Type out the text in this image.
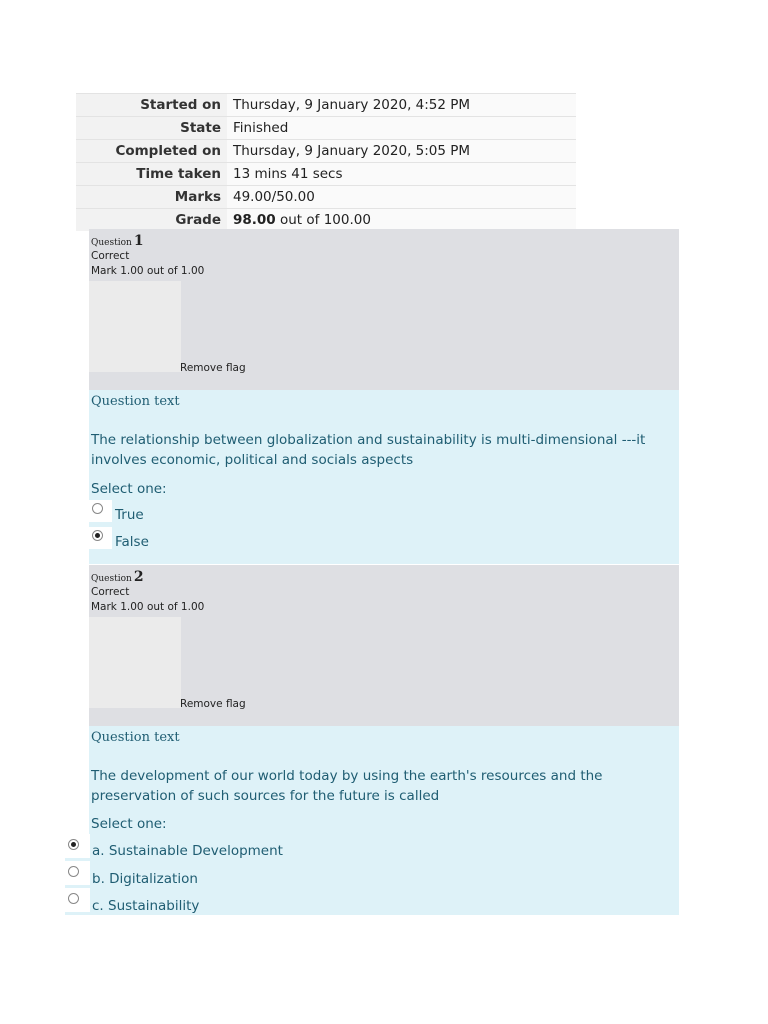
Started on	Thursday, 9 January 2020, 4:52 PM
State	Finished
Completed on	Thursday, 9 January 2020, 5:05 PM
Time taken	13 mins 41 secs
Marks	49.00/50.00
Grade	98.00 out of 100.00
Question 1
Correct
Mark 1.00 out of 1.00
Remove flag
Question text
The relationship between globalization and sustainability is multi-dimensional ---it involves economic, political and socials aspects
Select one:
True
False
Question 2
Correct
Mark 1.00 out of 1.00
Remove flag
Question text
The development of our world today by using the earth's resources and the preservation of such sources for the future is called
Select one:
a. Sustainable Development
b. Digitalization
c. Sustainability
